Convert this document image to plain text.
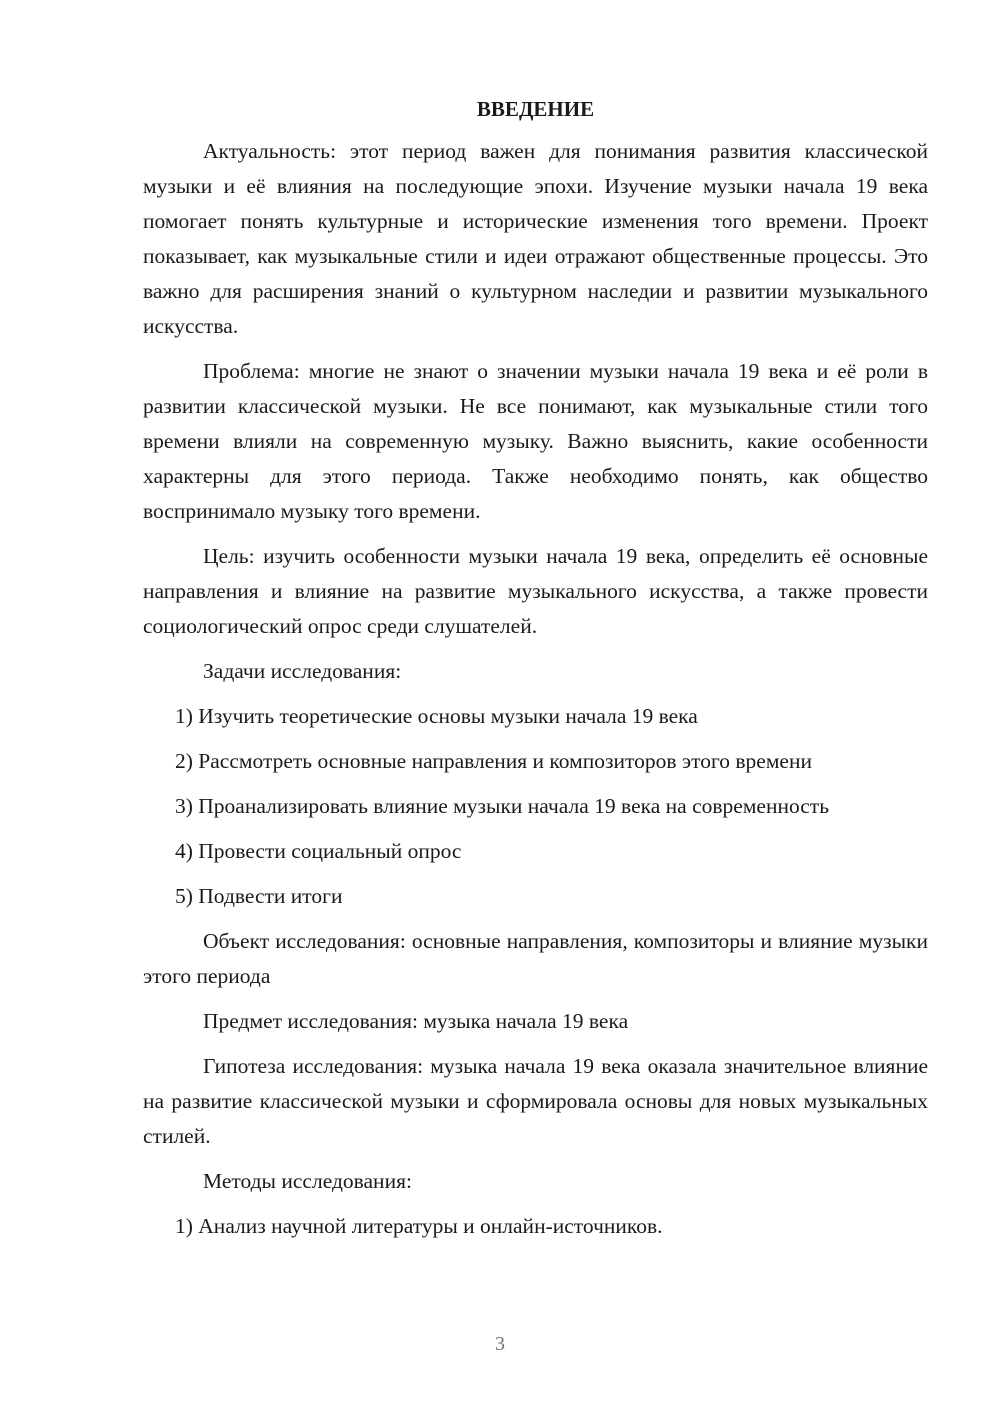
ВВЕДЕНИЕ

Актуальность: этот период важен для понимания развития классической музыки и её влияния на последующие эпохи. Изучение музыки начала 19 века помогает понять культурные и исторические изменения того времени. Проект показывает, как музыкальные стили и идеи отражают общественные процессы. Это важно для расширения знаний о культурном наследии и развитии музыкального искусства.

Проблема: многие не знают о значении музыки начала 19 века и её роли в развитии классической музыки. Не все понимают, как музыкальные стили того времени влияли на современную музыку. Важно выяснить, какие особенности характерны для этого периода. Также необходимо понять, как общество воспринимало музыку того времени.

Цель: изучить особенности музыки начала 19 века, определить её основные направления и влияние на развитие музыкального искусства, а также провести социологический опрос среди слушателей.

Задачи исследования:

1) Изучить теоретические основы музыки начала 19 века

2) Рассмотреть основные направления и композиторов этого времени

3) Проанализировать влияние музыки начала 19 века на современность

4) Провести социальный опрос

5) Подвести итоги

Объект исследования: основные направления, композиторы и влияние музыки этого периода

Предмет исследования: музыка начала 19 века

Гипотеза исследования: музыка начала 19 века оказала значительное влияние на развитие классической музыки и сформировала основы для новых музыкальных стилей.

Методы исследования:

1) Анализ научной литературы и онлайн-источников.

3
